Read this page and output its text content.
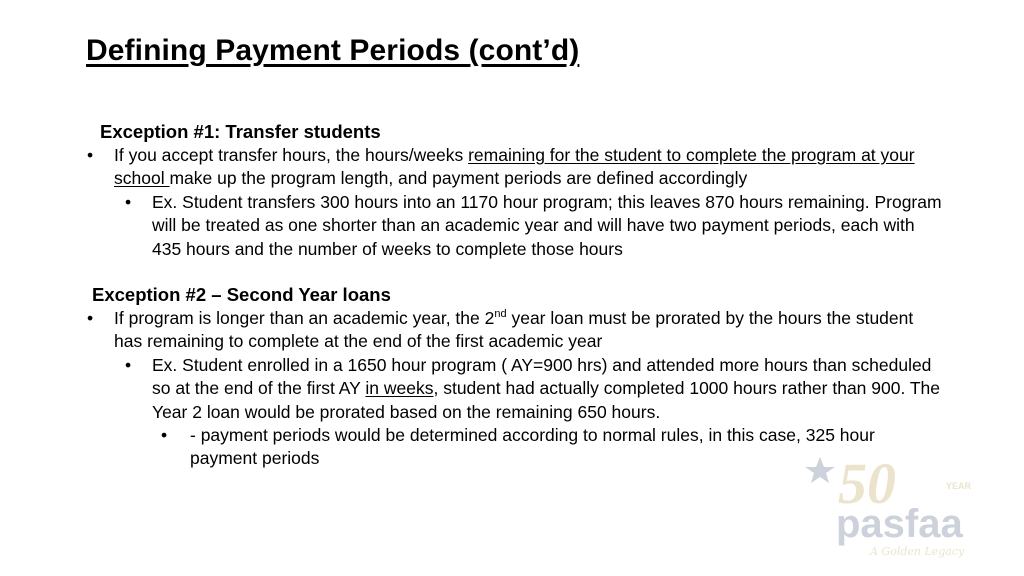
Defining Payment Periods (cont’d)
Exception #1: Transfer students
• If you accept transfer hours, the hours/weeks remaining for the student to complete the program at your school make up the program length, and payment periods are defined accordingly
• Ex. Student transfers 300 hours into an 1170 hour program; this leaves 870 hours remaining. Program will be treated as one shorter than an academic year and will have two payment periods, each with 435 hours and the number of weeks to complete those hours
Exception #2 – Second Year loans
• If program is longer than an academic year, the 2nd year loan must be prorated by the hours the student has remaining to complete at the end of the first academic year
• Ex. Student enrolled in a 1650 hour program ( AY=900 hrs) and attended more hours than scheduled so at the end of the first AY in weeks, student had actually completed 1000 hours rather than 900. The Year 2 loan would be prorated based on the remaining 650 hours.
• - payment periods would be determined according to normal rules, in this case, 325 hour payment periods	50	YEAR
pasfaa
A Golden Legacy
